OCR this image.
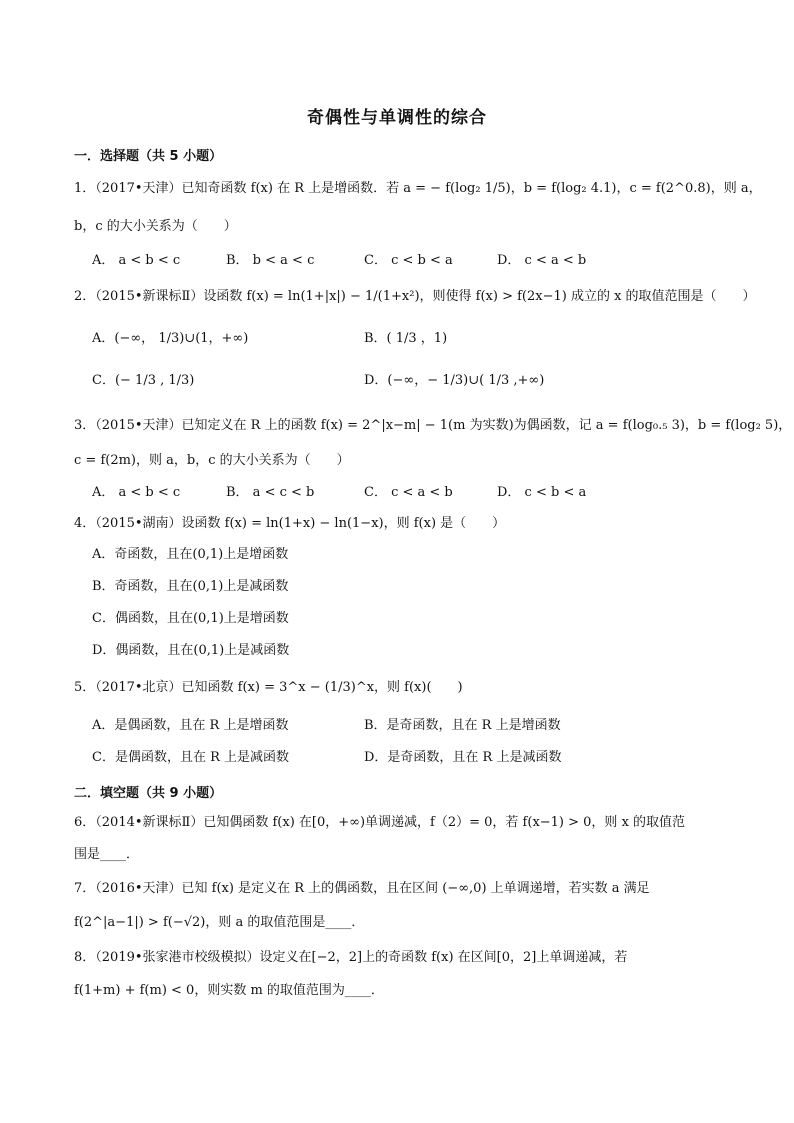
奇偶性与单调性的综合
一．选择题（共 5 小题）
1．（2017•天津）已知奇函数 f(x) 在 R 上是增函数．若 a = − f(log₂ 1/5)，b = f(log₂ 4.1)，c = f(2^0.8)，则 a，
b，c 的大小关系为（　　）
A． a < b < c	B． b < a < c	C． c < b < a	D． c < a < b
2．（2015•新课标Ⅱ）设函数 f(x) = ln(1+|x|) − 1/(1+x²)，则使得 f(x) > f(2x−1) 成立的 x 的取值范围是（　　）
A．(−∞， 1/3)∪(1，+∞)	B．( 1/3 ，1)
C．(− 1/3 , 1/3)	D．(−∞，− 1/3)∪( 1/3 ,+∞)
3．（2015•天津）已知定义在 R 上的函数 f(x) = 2^|x−m| − 1(m 为实数)为偶函数，记 a = f(log₀.₅ 3)，b = f(log₂ 5)，
c = f(2m)，则 a，b，c 的大小关系为（　　）
A． a < b < c	B． a < c < b	C． c < a < b	D． c < b < a
4．（2015•湖南）设函数 f(x) = ln(1+x) − ln(1−x)，则 f(x) 是（　　）
A．奇函数，且在(0,1)上是增函数
B．奇函数，且在(0,1)上是减函数
C．偶函数，且在(0,1)上是增函数
D．偶函数，且在(0,1)上是减函数
5．（2017•北京）已知函数 f(x) = 3^x − (1/3)^x，则 f(x)(　　)
A．是偶函数，且在 R 上是增函数	B．是奇函数，且在 R 上是增函数
C．是偶函数，且在 R 上是减函数	D．是奇函数，且在 R 上是减函数
二．填空题（共 9 小题）
6．（2014•新课标Ⅱ）已知偶函数 f(x) 在[0，+∞)单调递减，f（2）= 0，若 f(x−1) > 0，则 x 的取值范
围是____．
7．（2016•天津）已知 f(x) 是定义在 R 上的偶函数，且在区间 (−∞,0) 上单调递增，若实数 a 满足
f(2^|a−1|) > f(−√2)，则 a 的取值范围是____．
8．（2019•张家港市校级模拟）设定义在[−2，2]上的奇函数 f(x) 在区间[0，2]上单调递减，若
f(1+m) + f(m) < 0，则实数 m 的取值范围为____．
